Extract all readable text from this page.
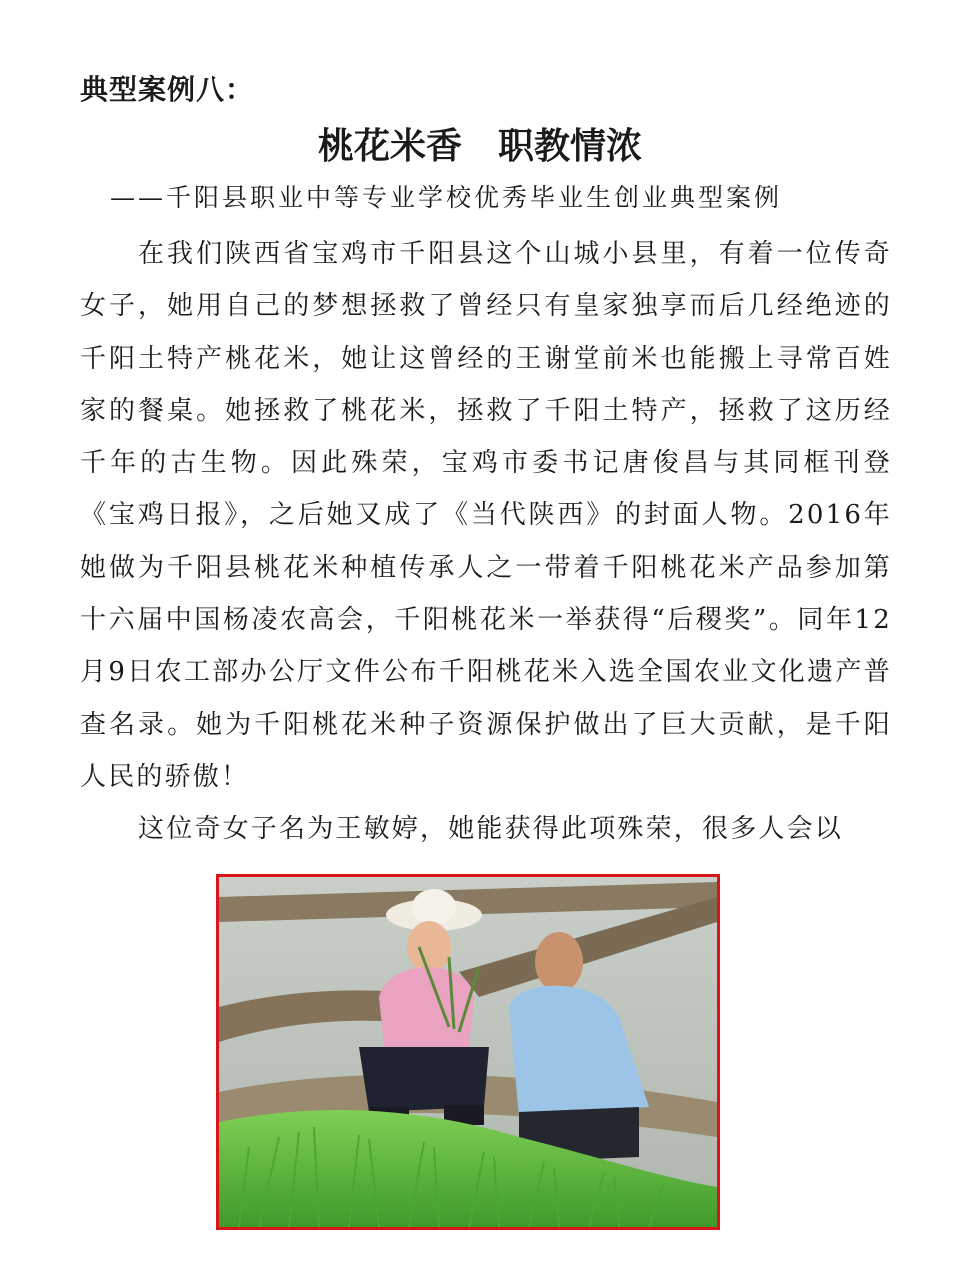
典型案例八：
桃花米香　职教情浓
——千阳县职业中等专业学校优秀毕业生创业典型案例

在我们陕西省宝鸡市千阳县这个山城小县里，有着一位传奇女子，她用自己的梦想拯救了曾经只有皇家独享而后几经绝迹的千阳土特产桃花米，她让这曾经的王谢堂前米也能搬上寻常百姓家的餐桌。她拯救了桃花米，拯救了千阳土特产，拯救了这历经千年的古生物。因此殊荣，宝鸡市委书记唐俊昌与其同框刊登《宝鸡日报》，之后她又成了《当代陕西》的封面人物。2016年她做为千阳县桃花米种植传承人之一带着千阳桃花米产品参加第十六届中国杨凌农高会，千阳桃花米一举获得“后稷奖”。同年12月9日农工部办公厅文件公布千阳桃花米入选全国农业文化遗产普查名录。她为千阳桃花米种子资源保护做出了巨大贡献，是千阳人民的骄傲！

这位奇女子名为王敏婷，她能获得此项殊荣，很多人会以
